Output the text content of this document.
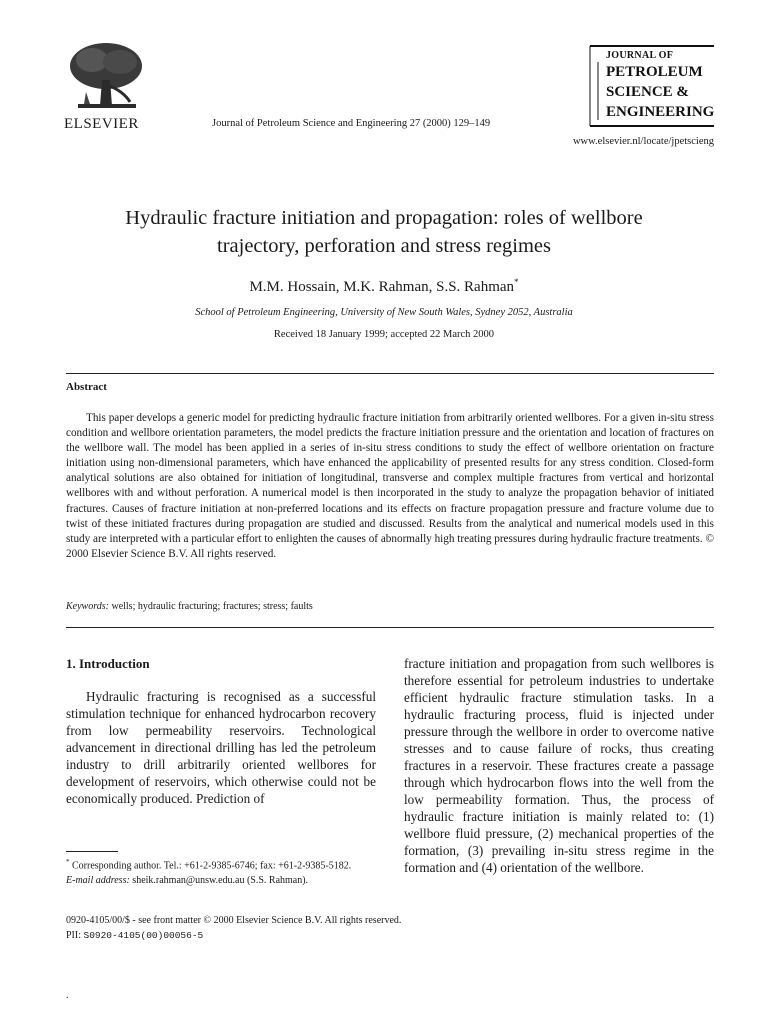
ELSEVIER	Journal of Petroleum Science and Engineering 27 (2000) 129–149
JOURNAL OF
PETROLEUM
SCIENCE &
ENGINEERING
www.elsevier.nl/locate/jpetscieng
Hydraulic fracture initiation and propagation: roles of wellbore
trajectory, perforation and stress regimes
M.M. Hossain, M.K. Rahman, S.S. Rahman*
School of Petroleum Engineering, University of New South Wales, Sydney 2052, Australia
Received 18 January 1999; accepted 22 March 2000
Abstract

This paper develops a generic model for predicting hydraulic fracture initiation from arbitrarily oriented wellbores. For a given in-situ stress condition and wellbore orientation parameters, the model predicts the fracture initiation pressure and the orientation and location of fractures on the wellbore wall. The model has been applied in a series of in-situ stress conditions to study the effect of wellbore orientation on fracture initiation using non-dimensional parameters, which have enhanced the applicability of presented results for any stress condition. Closed-form analytical solutions are also obtained for initiation of longitudinal, transverse and complex multiple fractures from vertical and horizontal wellbores with and without perforation. A numerical model is then incorporated in the study to analyze the propagation behavior of initiated fractures. Causes of fracture initiation at non-preferred locations and its effects on fracture propagation pressure and fracture volume due to twist of these initiated fractures during propagation are studied and discussed. Results from the analytical and numerical models used in this study are interpreted with a particular effort to enlighten the causes of abnormally high treating pressures during hydraulic fracture treatments. © 2000 Elsevier Science B.V. All rights reserved.

Keywords: wells; hydraulic fracturing; fractures; stress; faults
1. Introduction

Hydraulic fracturing is recognised as a successful stimulation technique for enhanced hydrocarbon recovery from low permeability reservoirs. Technological advancement in directional drilling has led the petroleum industry to drill arbitrarily oriented wellbores for development of reservoirs, which otherwise could not be economically produced. Prediction of

fracture initiation and propagation from such wellbores is therefore essential for petroleum industries to undertake efficient hydraulic fracture stimulation tasks. In a hydraulic fracturing process, fluid is injected under pressure through the wellbore in order to overcome native stresses and to cause failure of rocks, thus creating fractures in a reservoir. These fractures create a passage through which hydrocarbon flows into the well from the low permeability formation. Thus, the process of hydraulic fracture initiation is mainly related to: (1) wellbore fluid pressure, (2) mechanical properties of the formation, (3) prevailing in-situ stress regime in the formation and (4) orientation of the wellbore.

* Corresponding author. Tel.: +61-2-9385-6746; fax: +61-2-9385-5182.
E-mail address: sheik.rahman@unsw.edu.au (S.S. Rahman).

0920-4105/00/$ - see front matter © 2000 Elsevier Science B.V. All rights reserved.
PII: S0920-4105(00)00056-5
.
